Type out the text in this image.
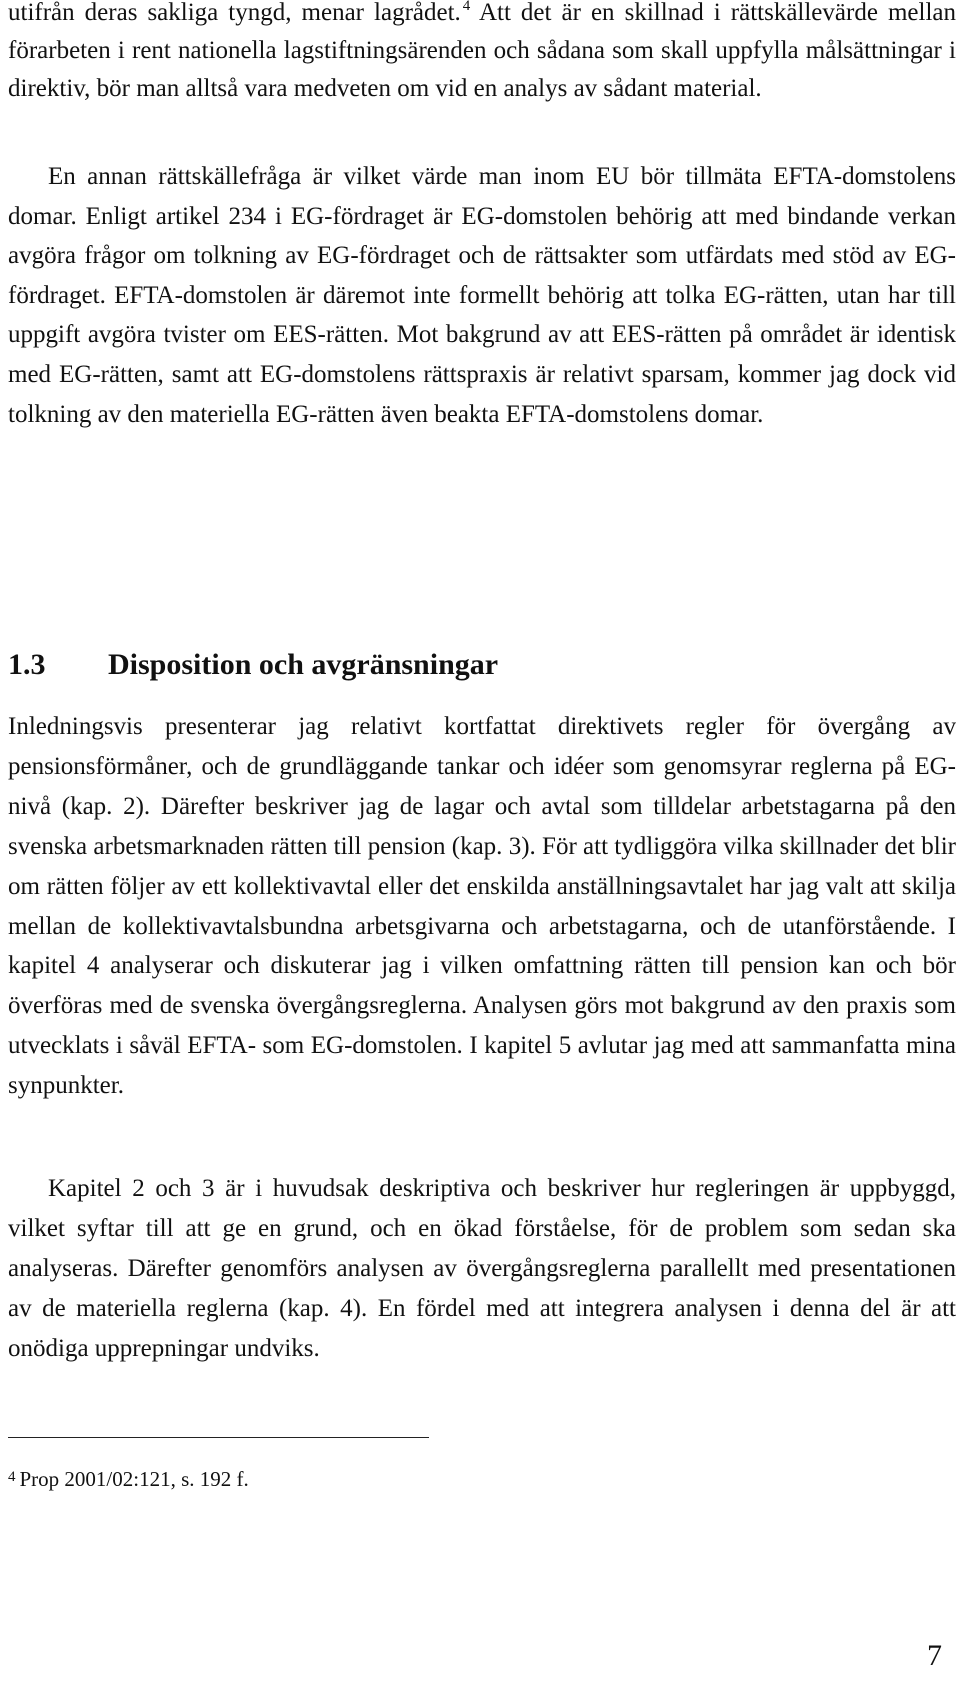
utifrån deras sakliga tyngd, menar lagrådet. $^4$ Att det är en skillnad i rättskällevärde mellan förarbeten i rent nationella lagstiftningsärenden och sådana som skall uppfylla målsättningar i direktiv, bör man alltså vara medveten om vid en analys av sådant material.

En annan rättskällefråga är vilket värde man inom EU bör tillmäta EFTA-domstolens domar. Enligt artikel 234 i EG-fördraget är EG-domstolen behörig att med bindande verkan avgöra frågor om tolkning av EG-fördraget och de rättsakter som utfärdats med stöd av EG-fördraget. EFTA-domstolen är däremot inte formellt behörig att tolka EG-rätten, utan har till uppgift avgöra tvister om EES-rätten. Mot bakgrund av att EES-rätten på området är identisk med EG-rätten, samt att EG-domstolens rättspraxis är relativt sparsam, kommer jag dock vid tolkning av den materiella EG-rätten även beakta EFTA-domstolens domar.

1.3 Disposition och avgränsningar

Inledningsvis presenterar jag relativt kortfattat direktivets regler för övergång av pensionsförmåner, och de grundläggande tankar och idéer som genomsyrar reglerna på EG-nivå (kap. 2). Därefter beskriver jag de lagar och avtal som tilldelar arbetstagarna på den svenska arbetsmarknaden rätten till pension (kap. 3). För att tydliggöra vilka skillnader det blir om rätten följer av ett kollektivavtal eller det enskilda anställningsavtalet har jag valt att skilja mellan de kollektivavtalsbundna arbetsgivarna och arbetstagarna, och de utanförstående. I kapitel 4 analyserar och diskuterar jag i vilken omfattning rätten till pension kan och bör överföras med de svenska övergångsreglerna. Analysen görs mot bakgrund av den praxis som utvecklats i såväl EFTA- som EG-domstolen. I kapitel 5 avlutar jag med att sammanfatta mina synpunkter.

Kapitel 2 och 3 är i huvudsak deskriptiva och beskriver hur regleringen är uppbyggd, vilket syftar till att ge en grund, och en ökad förståelse, för de problem som sedan ska analyseras. Därefter genomförs analysen av övergångsreglerna parallellt med presentationen av de materiella reglerna (kap. 4). En fördel med att integrera analysen i denna del är att onödiga upprepningar undviks.

$^4$ Prop 2001/02:121, s. 192 f.
7
